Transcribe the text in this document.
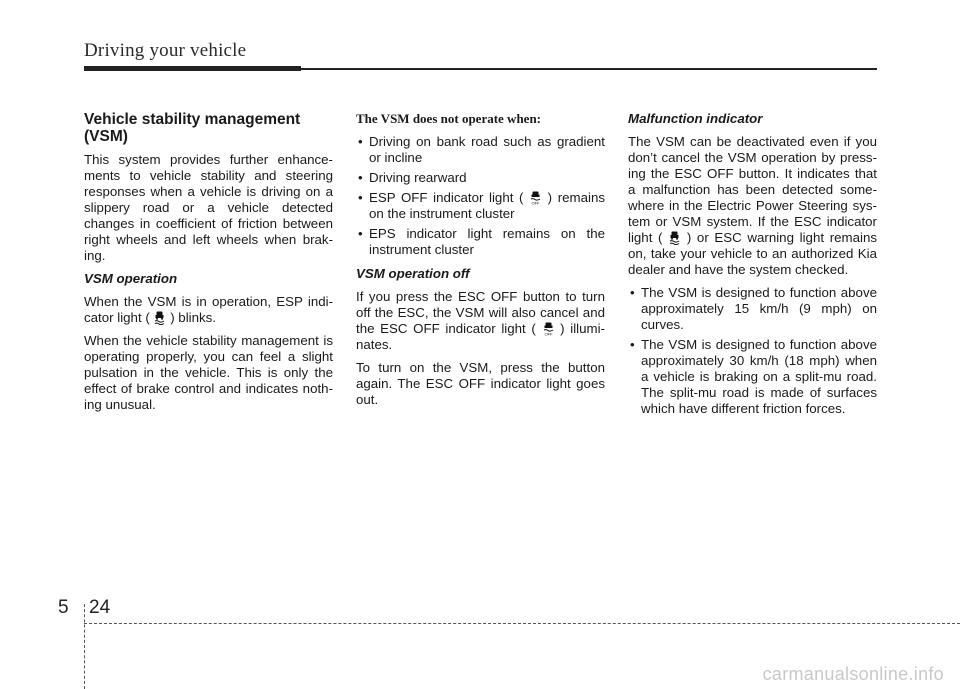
Driving your vehicle

Vehicle stability management (VSM)

This system provides further enhance-ments to vehicle stability and steering responses when a vehicle is driving on a slippery road or a vehicle detected changes in coefficient of friction between right wheels and left wheels when brak-ing.

VSM operation

When the VSM is in operation, ESP indi-cator light ( ) blinks.

When the vehicle stability management is operating properly, you can feel a slight pulsation in the vehicle. This is only the effect of brake control and indicates noth-ing unusual.

The VSM does not operate when:

• Driving on bank road such as gradient or incline
• Driving rearward
• ESP OFF indicator light ( OFF ) remains on the instrument cluster
• EPS indicator light remains on the instrument cluster

VSM operation off

If you press the ESC OFF button to turn off the ESC, the VSM will also cancel and the ESC OFF indicator light ( OFF ) illumi-nates.

To turn on the VSM, press the button again. The ESC OFF indicator light goes out.

Malfunction indicator

The VSM can be deactivated even if you don’t cancel the VSM operation by press-ing the ESC OFF button. It indicates that a malfunction has been detected some-where in the Electric Power Steering sys-tem or VSM system. If the ESC indicator light ( ) or ESC warning light remains on, take your vehicle to an authorized Kia dealer and have the system checked.

• The VSM is designed to function above approximately 15 km/h (9 mph) on curves.
• The VSM is designed to function above approximately 30 km/h (18 mph) when a vehicle is braking on a split-mu road. The split-mu road is made of surfaces which have different friction forces.
5 24
carmanualsonline.info
